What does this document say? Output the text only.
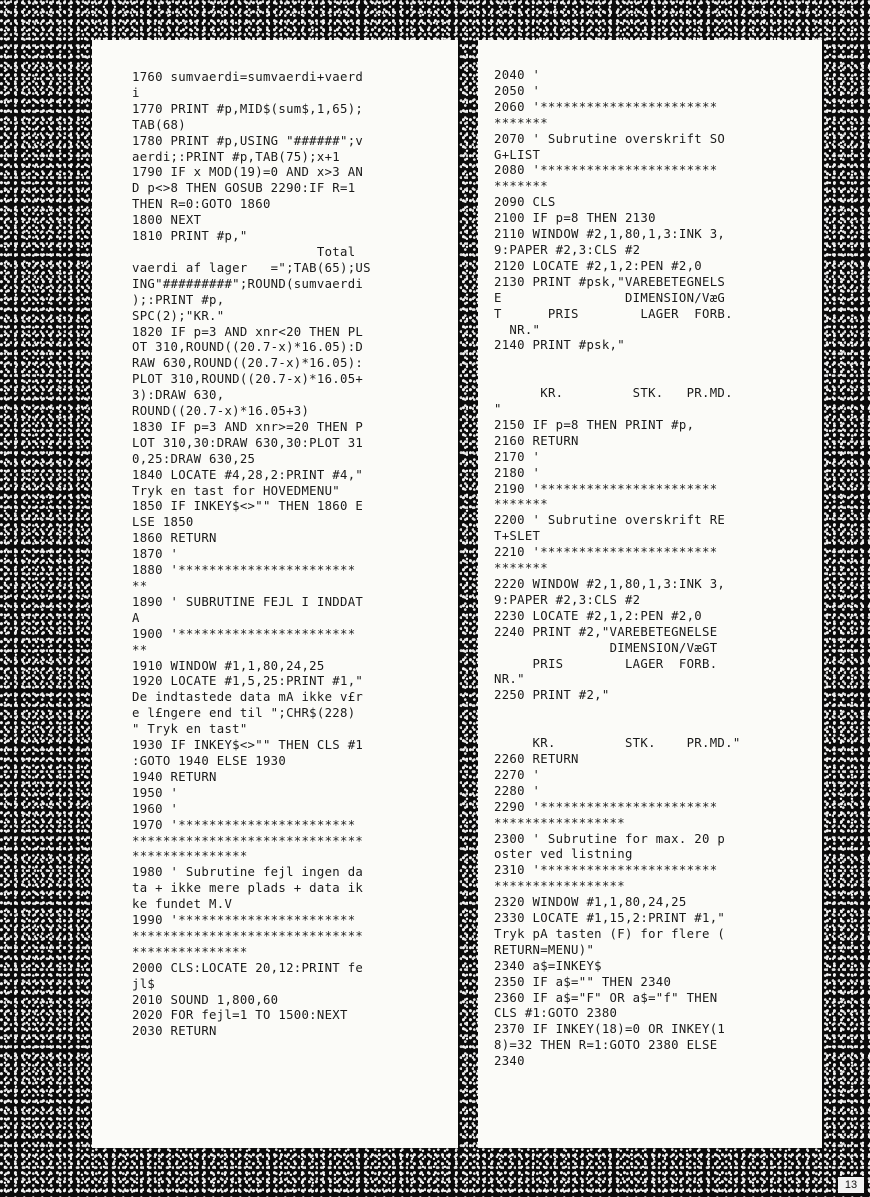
1760 sumvaerdi=sumvaerdi+vaerd
i
1770 PRINT #p,MID$(sum$,1,65);
TAB(68)
1780 PRINT #p,USING "######";v
aerdi;:PRINT #p,TAB(75);x+1
1790 IF x MOD(19)=0 AND x>3 AN
D p<>8 THEN GOSUB 2290:IF R=1
THEN R=0:GOTO 1860
1800 NEXT
1810 PRINT #p,"
Total
vaerdi af lager   =";TAB(65);US
ING"#########";ROUND(sumvaerdi
);:PRINT #p,
SPC(2);"KR."
1820 IF p=3 AND xnr<20 THEN PL
OT 310,ROUND((20.7-x)*16.05):D
RAW 630,ROUND((20.7-x)*16.05):
PLOT 310,ROUND((20.7-x)*16.05+
3):DRAW 630,
ROUND((20.7-x)*16.05+3)
1830 IF p=3 AND xnr>=20 THEN P
LOT 310,30:DRAW 630,30:PLOT 31
0,25:DRAW 630,25
1840 LOCATE #4,28,2:PRINT #4,"
Tryk en tast for HOVEDMENU"
1850 IF INKEY$<>"" THEN 1860 E
LSE 1850
1860 RETURN
1870 '
1880 '***********************
**
1890 ' SUBRUTINE FEJL I INDDAT
A
1900 '***********************
**
1910 WINDOW #1,1,80,24,25
1920 LOCATE #1,5,25:PRINT #1,"
De indtastede data mA ikke v£r
e l£ngere end til ";CHR$(228)
" Tryk en tast"
1930 IF INKEY$<>"" THEN CLS #1
:GOTO 1940 ELSE 1930
1940 RETURN
1950 '
1960 '
1970 '***********************
******************************
***************
1980 ' Subrutine fejl ingen da
ta + ikke mere plads + data ik
ke fundet M.V
1990 '***********************
******************************
***************
2000 CLS:LOCATE 20,12:PRINT fe
jl$
2010 SOUND 1,800,60
2020 FOR fejl=1 TO 1500:NEXT
2030 RETURN

2040 '
2050 '
2060 '***********************
*******
2070 ' Subrutine overskrift SO
G+LIST
2080 '***********************
*******
2090 CLS
2100 IF p=8 THEN 2130
2110 WINDOW #2,1,80,1,3:INK 3,
9:PAPER #2,3:CLS #2
2120 LOCATE #2,1,2:PEN #2,0
2130 PRINT #psk,"VAREBETEGNELS
E                DIMENSION/VæG
T      PRIS        LAGER  FORB.
NR."
2140 PRINT #psk,"

KR.         STK.   PR.MD.
"
2150 IF p=8 THEN PRINT #p,
2160 RETURN
2170 '
2180 '
2190 '***********************
*******
2200 ' Subrutine overskrift RE
T+SLET
2210 '***********************
*******
2220 WINDOW #2,1,80,1,3:INK 3,
9:PAPER #2,3:CLS #2
2230 LOCATE #2,1,2:PEN #2,0
2240 PRINT #2,"VAREBETEGNELSE
DIMENSION/VæGT
PRIS        LAGER  FORB.
NR."
2250 PRINT #2,"

KR.         STK.    PR.MD."
2260 RETURN
2270 '
2280 '
2290 '***********************
*****************
2300 ' Subrutine for max. 20 p
oster ved listning
2310 '***********************
*****************
2320 WINDOW #1,1,80,24,25
2330 LOCATE #1,15,2:PRINT #1,"
Tryk pA tasten (F) for flere (
RETURN=MENU)"
2340 a$=INKEY$
2350 IF a$="" THEN 2340
2360 IF a$="F" OR a$="f" THEN
CLS #1:GOTO 2380
2370 IF INKEY(18)=0 OR INKEY(1
8)=32 THEN R=1:GOTO 2380 ELSE
2340

13
